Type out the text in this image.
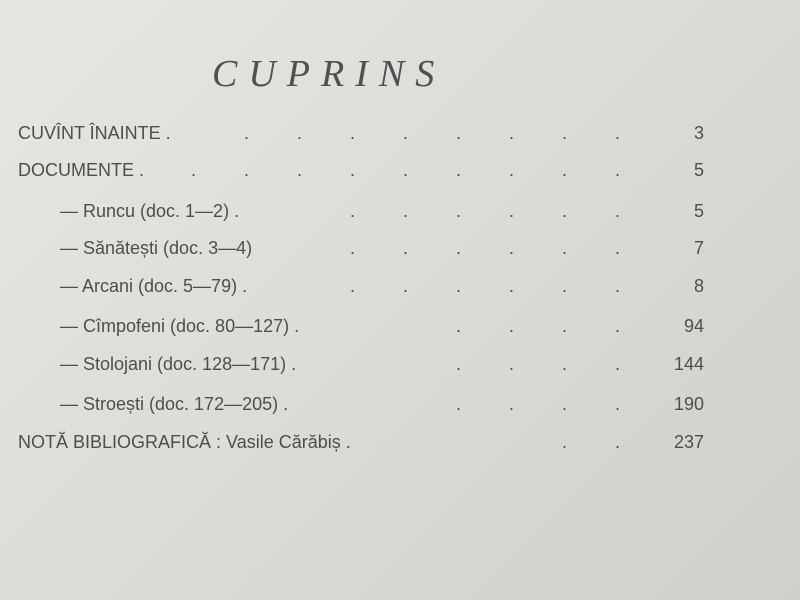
CUPRINS
CUVÎNT ÎNAINTE .	.	.	.	.	.	.	.	.	3
DOCUMENTE .	.	.	.	.	.	.	.	.	.	5
— Runcu (doc. 1—2) .	.	.	.	.	.	.	5
— Sănătești (doc. 3—4)	.	.	.	.	.	.	7
— Arcani (doc. 5—79) .	.	.	.	.	.	.	8
— Cîmpofeni (doc. 80—127) .	.	.	.	.	94
— Stolojani (doc. 128—171) .	.	.	.	.	144
— Stroești (doc. 172—205) .	.	.	.	.	190
NOTĂ BIBLIOGRAFICĂ : Vasile Cărăbiș .	.	.	237
